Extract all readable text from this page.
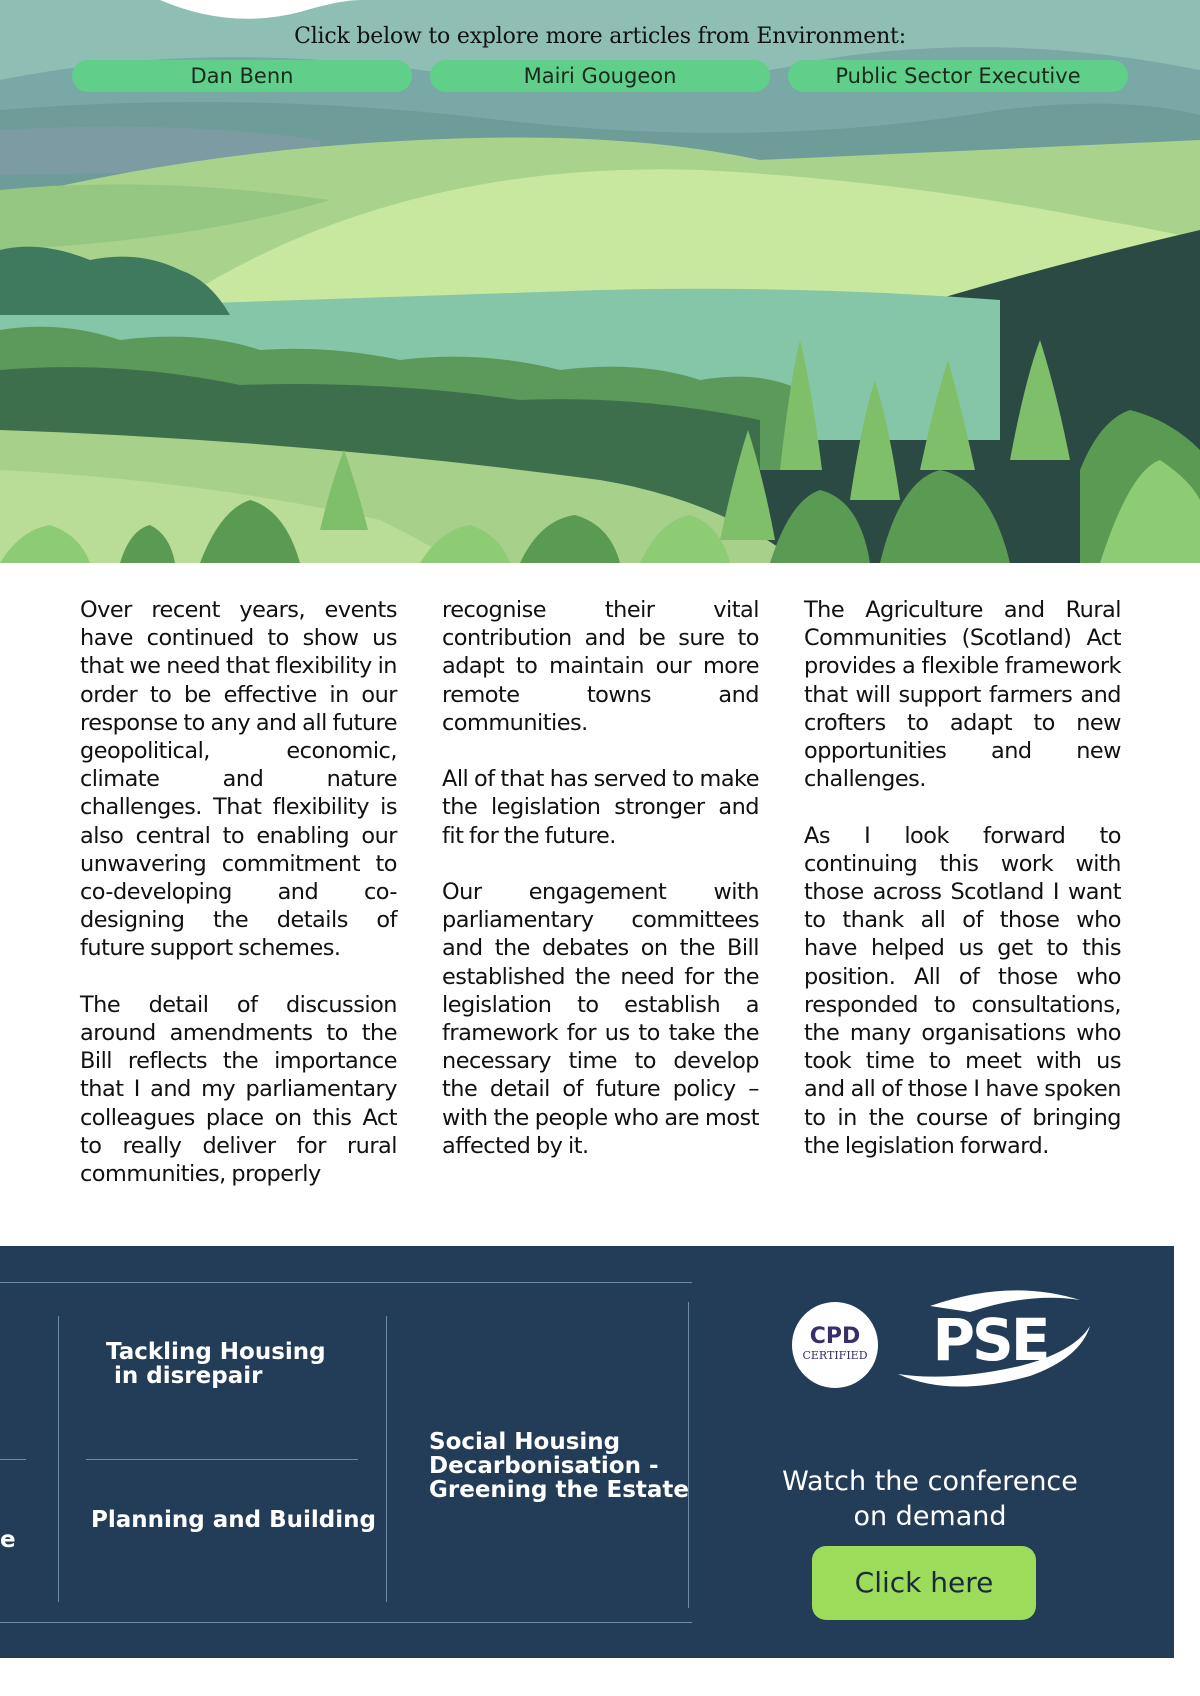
Click below to explore more articles from Environment:
Dan Benn	Mairi Gougeon	Public Sector Executive

Over recent years, events have continued to show us that we need that flexibility in order to be effective in our response to any and all future geopolitical, economic, climate and nature challenges. That flexibility is also central to enabling our unwavering commitment to co-developing and co-designing the details of future support schemes.

The detail of discussion around amendments to the Bill reflects the importance that I and my parliamentary colleagues place on this Act to really deliver for rural communities, properly

recognise their vital contribution and be sure to adapt to maintain our more remote towns and communities.

All of that has served to make the legislation stronger and fit for the future.

Our engagement with parliamentary committees and the debates on the Bill established the need for the legislation to establish a framework for us to take the necessary time to develop the detail of future policy – with the people who are most affected by it.

The Agriculture and Rural Communities (Scotland) Act provides a flexible framework that will support farmers and crofters to adapt to new opportunities and new challenges.

As I look forward to continuing this work with those across Scotland I want to thank all of those who have helped us get to this position. All of those who responded to consultations, the many organisations who took time to meet with us and all of those I have spoken to in the course of bringing the legislation forward.

e
Tackling Housing
in disrepair
Planning and Building
Social Housing
Decarbonisation -
Greening the Estate
CPD
CERTIFIED PSE
Watch the conference on demand
Click here
